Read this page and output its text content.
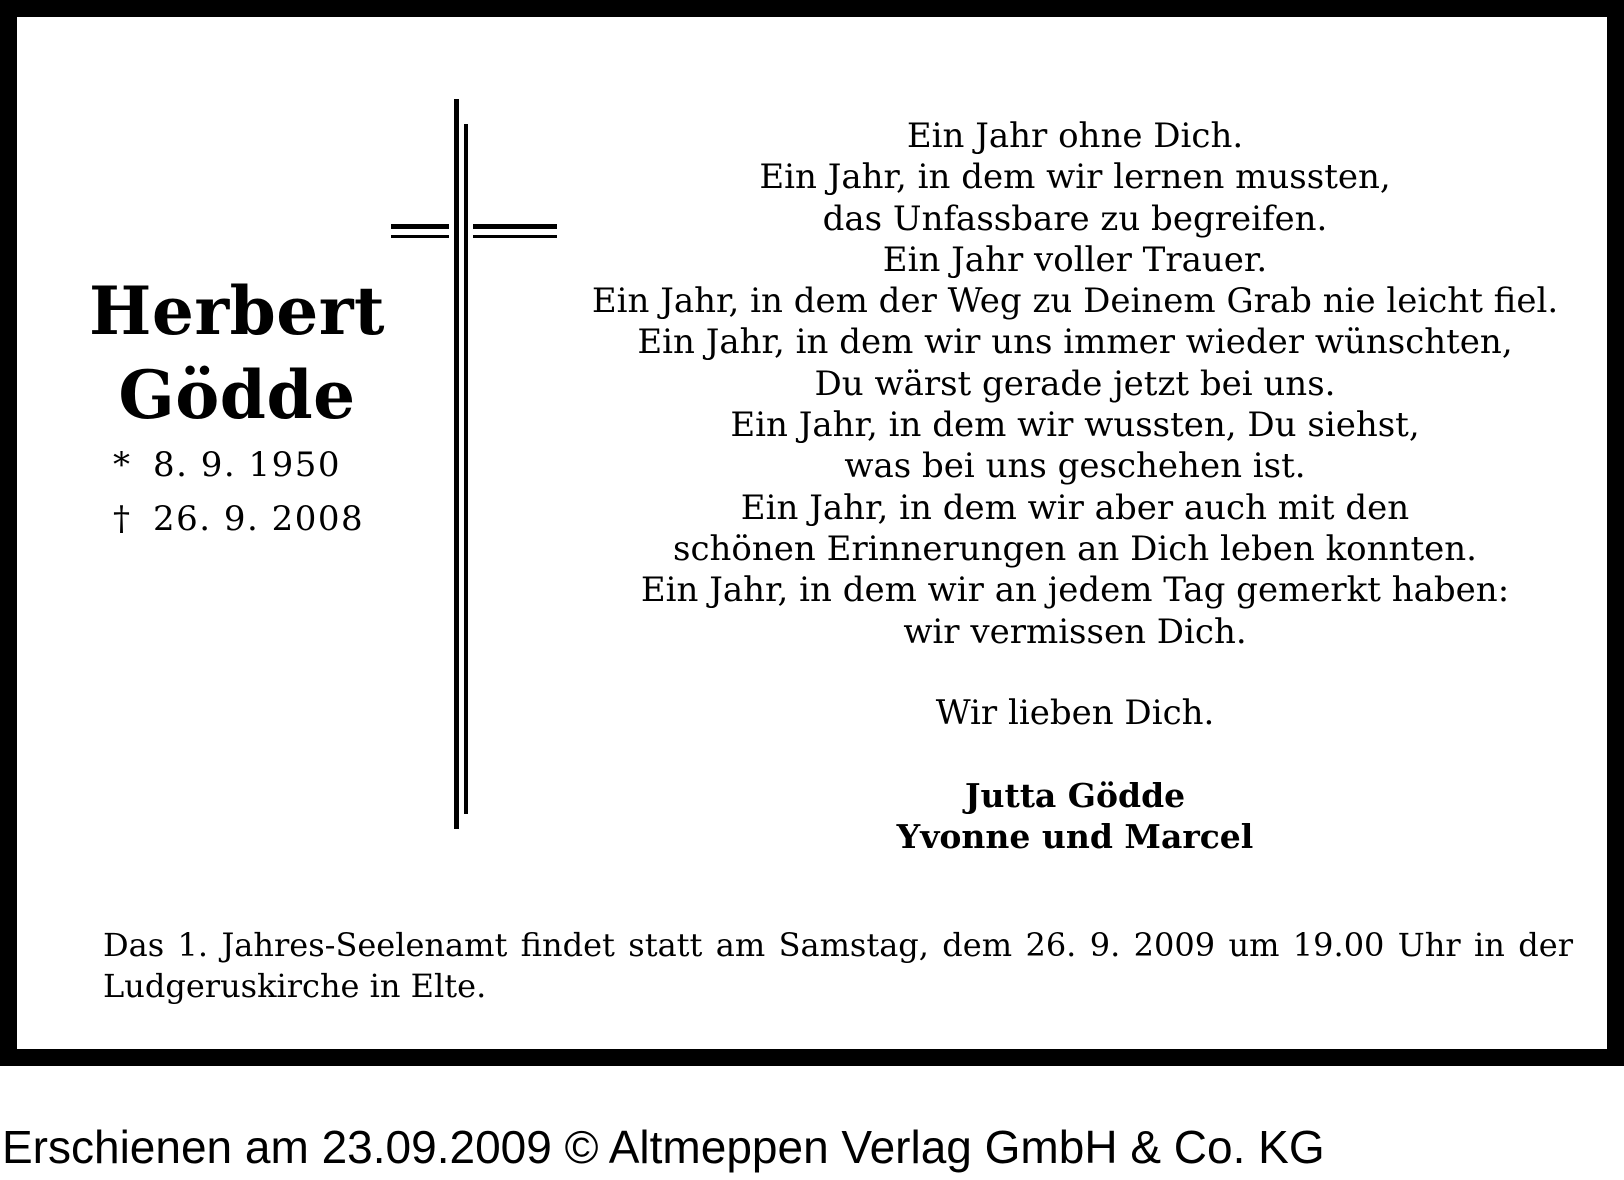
Herbert
Gödde
* 8. 9. 1950
† 26. 9. 2008
Ein Jahr ohne Dich.
Ein Jahr, in dem wir lernen mussten,
das Unfassbare zu begreifen.
Ein Jahr voller Trauer.
Ein Jahr, in dem der Weg zu Deinem Grab nie leicht fiel.
Ein Jahr, in dem wir uns immer wieder wünschten,
Du wärst gerade jetzt bei uns.
Ein Jahr, in dem wir wussten, Du siehst,
was bei uns geschehen ist.
Ein Jahr, in dem wir aber auch mit den
schönen Erinnerungen an Dich leben konnten.
Ein Jahr, in dem wir an jedem Tag gemerkt haben:
wir vermissen Dich.
Wir lieben Dich.
Jutta Gödde
Yvonne und Marcel
Das 1. Jahres-Seelenamt findet statt am Samstag, dem 26. 9. 2009 um 19.00 Uhr in der Ludgeruskirche in Elte.
Erschienen am 23.09.2009 © Altmeppen Verlag GmbH & Co. KG
